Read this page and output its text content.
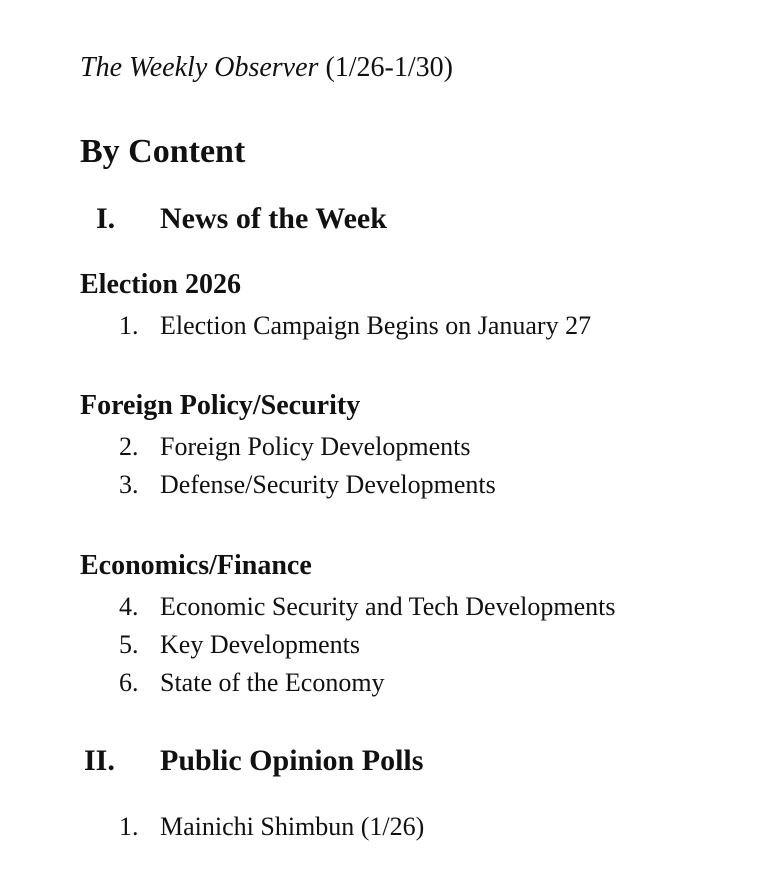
The Weekly Observer (1/26-1/30)
By Content
I. News of the Week
Election 2026
1. Election Campaign Begins on January 27
Foreign Policy/Security
2. Foreign Policy Developments
3. Defense/Security Developments
Economics/Finance
4. Economic Security and Tech Developments
5. Key Developments
6. State of the Economy
II. Public Opinion Polls
1. Mainichi Shimbun (1/26)
